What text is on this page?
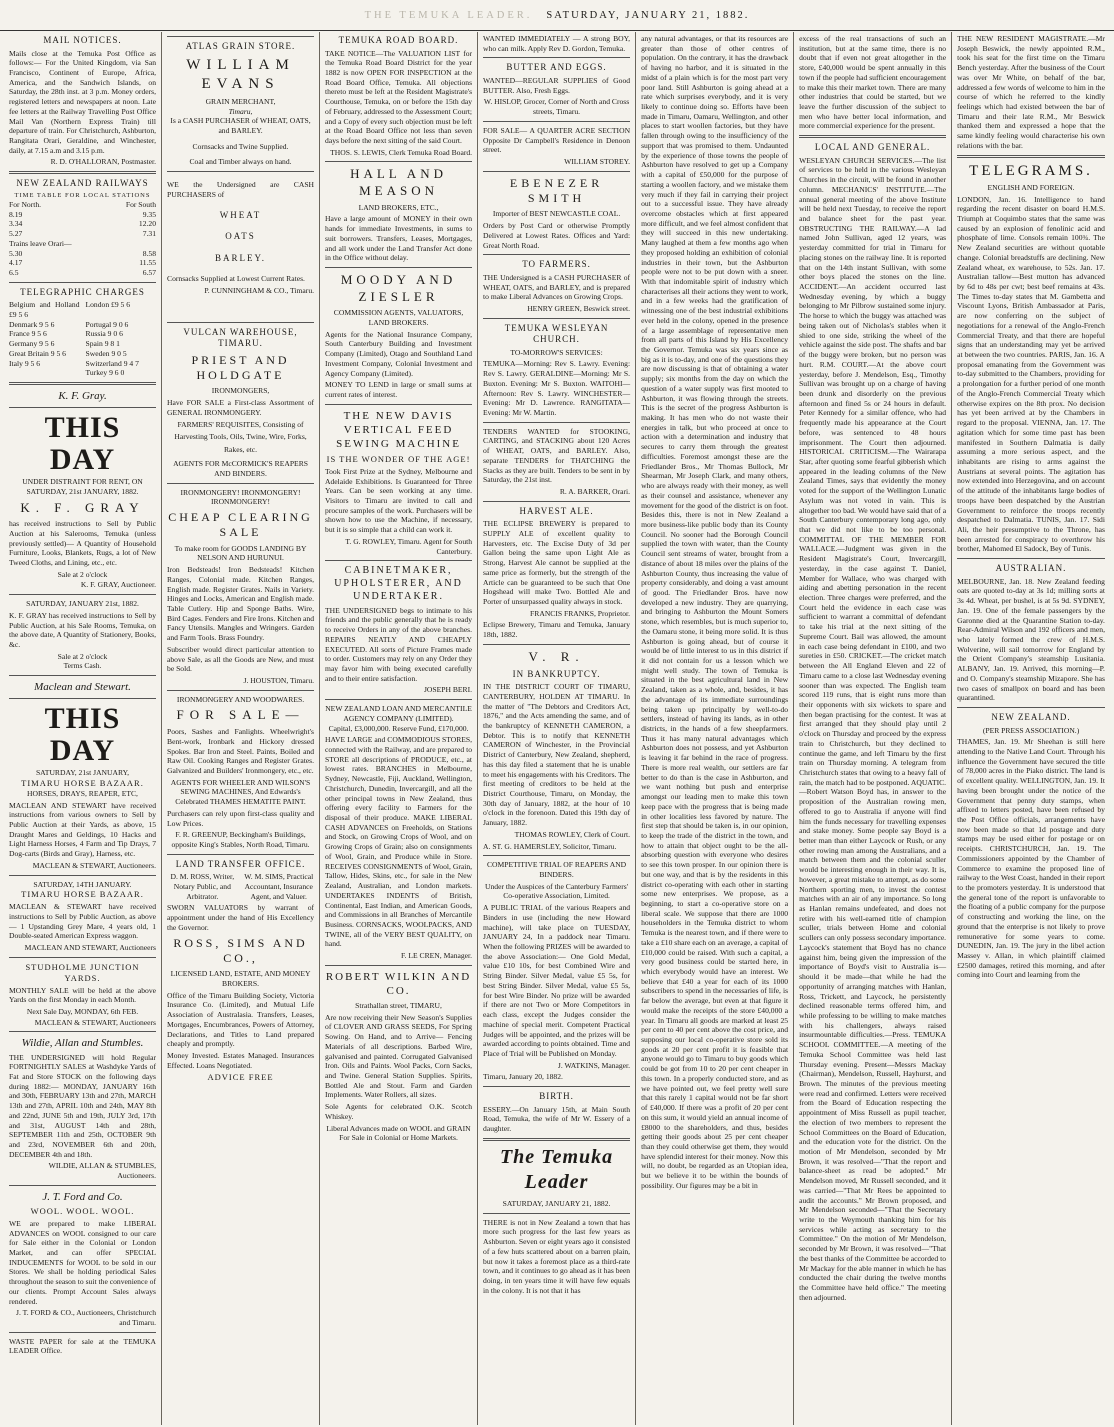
THE TEMUKA LEADER. SATURDAY, JANUARY 21, 1882.
MAIL NOTICES.

Mails close at the Temuka Post Office as follows:— For the United Kingdom, via San Francisco, Continent of Europe, Africa, America, and the Sandwich Islands, on Saturday, the 28th inst. at 3 p.m. Money orders, registered letters and newspapers at noon. Late fee letters at the Railway Travelling Post Office Mail Van (Northern Express Train) till departure of train. For Christchurch, Ashburton, Rangitata Orari, Geraldine, and Winchester, daily, at 7.15 a.m and 3.15 p.m.

R. D. O'HALLORAN, Postmaster.

NEW ZEALAND RAILWAYS
TIME TABLE FOR LOCAL STATIONS
For North.	For South
8.19
3.34
5.27
9.35
12.20
7.31
Trains leave Orari—
5.30
4.17
6.5
8.58
11.55
6.57
TELEGRAPHIC CHARGES
Belgium and Holland £9 5 6
London £9 5 6
Denmark 9 5 6	Portugal 9 0 6
France 9 5 6	Russia 9 0 6
Germany 9 5 6	Spain 9 8 1
Great Britain 9 5 6	Sweden 9 0 5
Italy 9 5 6	Switzerland 9 4 7
Turkey 9 6 0
K. F. Gray.
THIS DAY
UNDER DISTRAINT FOR RENT, ON
SATURDAY, 21st JANUARY, 1882.
K. F. GRAY

has received instructions to Sell by Public Auction at his Salerooms, Temuka (unless previously settled)— A Quantity of Household Furniture, Looks, Blankets, Rugs, a lot of New Tweed Cloths, and Lining, etc., etc.

Sale at 2 o'clock

K. F. GRAY, Auctioneer.

SATURDAY, JANUARY 21st, 1882.

K. F. GRAY has received instructions to Sell by Public Auction, at his Sale Rooms, Temuka, on the above date, A Quantity of Stationery, Books, &c.

Sale at 2 o'clock
Terms Cash.
Maclean and Stewart.
THIS DAY
SATURDAY, 21st JANUARY,
TIMARU HORSE BAZAAR.
HORSES, DRAYS, REAPER, ETC,

MACLEAN AND STEWART have received instructions from various owners to Sell by Public Auction at their Yards, as above, 15 Draught Mares and Geldings, 10 Hacks and Light Harness Horses, 4 Farm and Tip Drays, 7 Dog-carts (Birds and Gray), Harness, etc.

MACLEAN & STEWART, Auctioneers.

SATURDAY, 14TH JANUARY.
TIMARU HORSE BAZAAR.

MACLEAN & STEWART have received instructions to Sell by Public Auction, as above— 1 Upstanding Grey Mare, 4 years old, 1 Double-seated American Express waggon.

MACLEAN AND STEWART, Auctioneers

STUDHOLME JUNCTION YARDS.

MONTHLY SALE will be held at the above Yards on the first Monday in each Month.

Next Sale Day, MONDAY, 6th FEB.

MACLEAN & STEWART, Auctioneers

Wildie, Allan and Stumbles.

THE UNDERSIGNED will hold Regular FORTNIGHTLY SALES at Washdyke Yards of Fat and Store STOCK on the following days during 1882:— MONDAY, JANUARY 16th and 30th, FEBRUARY 13th and 27th, MARCH 13th and 27th, APRIL 10th and 24th, MAY 8th and 22nd, JUNE 5th and 19th, JULY 3rd, 17th and 31st, AUGUST 14th and 28th, SEPTEMBER 11th and 25th, OCTOBER 9th and 23rd, NOVEMBER 6th and 20th, DECEMBER 4th and 18th.

WILDIE, ALLAN & STUMBLES, Auctioneers.

J. T. Ford and Co.
WOOL. WOOL. WOOL.

WE are prepared to make LIBERAL ADVANCES on WOOL consigned to our care for Sale either in the Colonial or London Market, and can offer SPECIAL INDUCEMENTS for WOOL to be sold in our Stores. We shall be holding periodical Sales throughout the season to suit the convenience of our clients. Prompt Account Sales always rendered.

J. T. FORD & CO., Auctioneers, Christchurch and Timaru.

WASTE PAPER for sale at the TEMUKA LEADER Office.

ATLAS GRAIN STORE.
WILLIAM EVANS
GRAIN MERCHANT,
Timaru,
Is a CASH PURCHASER of WHEAT, OATS, and BARLEY.
Cornsacks and Twine Supplied.
Coal and Timber always on hand.

WE the Undersigned are CASH PURCHASERS of

WHEAT
OATS
BARLEY.

Cornsacks Supplied at Lowest Current Rates.

P. CUNNINGHAM & CO., Timaru.

VULCAN WAREHOUSE, TIMARU.
PRIEST AND HOLDGATE
IRONMONGERS,

Have FOR SALE a First-class Assortment of GENERAL IRONMONGERY.

FARMERS' REQUISITES, Consisting of

Harvesting Tools, Oils, Twine, Wire, Forks, Rakes, etc.

AGENTS FOR McCORMICK'S REAPERS AND BINDERS.
IRONMONGERY! IRONMONGERY! IRONMONGERY!
CHEAP CLEARING SALE
To make room for GOODS LANDING BY NELSON AND HURUNUI.

Iron Bedsteads! Iron Bedsteads! Kitchen Ranges, Colonial made. Kitchen Ranges, English made. Register Grates. Nails in Variety. Hinges and Locks, American and English made. Table Cutlery. Hip and Sponge Baths. Wire, Bird Cages. Fenders and Fire Irons. Kitchen and Fancy Utensils. Mangles and Wringers. Garden and Farm Tools. Brass Foundry.

Subscriber would direct particular attention to above Sale, as all the Goods are New, and must be Sold.

J. HOUSTON, Timaru.

IRONMONGERY AND WOODWARES.
FOR SALE—

Poors, Sashes and Fanlights. Wheelwright's Bent-work, Ironbark and Hickory dressed Spokes. Bar Iron and Steel. Paints, Boiled and Raw Oil. Cooking Ranges and Register Grates. Galvanized and Builders' Ironmongery, etc., etc.

AGENTS FOR WHEELER AND WILSON'S SEWING MACHINES, And Edwards's Celebrated THAMES HEMATITE PAINT.

Purchasers can rely upon first-class quality and Low Prices.

F. R. GREENUP, Beckingham's Buildings, opposite King's Stables, North Road, Timaru.

LAND TRANSFER OFFICE.
D. M. ROSS, Writer, Notary Public, and Arbitrator.
W. M. SIMS, Practical Accountant, Insurance Agent, and Valuer.

SWORN VALUATORS by warrant of appointment under the hand of His Excellency the Governor.

ROSS, SIMS AND CO.,
LICENSED LAND, ESTATE, AND MONEY BROKERS.

Office of the Timaru Building Society, Victoria Insurance Co. (Limited), and Mutual Life Association of Australasia. Transfers, Leases, Mortgages, Encumbrances, Powers of Attorney, Declarations, and Titles to Land prepared cheaply and promptly.

Money Invested. Estates Managed. Insurances Effected. Loans Negotiated.

ADVICE FREE
TEMUKA ROAD BOARD.

TAKE NOTICE—The VALUATION LIST for the Temuka Road Board District for the year 1882 is now OPEN FOR INSPECTION at the Road Board Office, Temuka. All objections thereto must be left at the Resident Magistrate's Courthouse, Temuka, on or before the 15th day of February, addressed to the Assessment Court; and a Copy of every such objection must be left at the Road Board Office not less than seven days before the next sitting of the said Court.

THOS. S. LEWIS, Clerk Temuka Road Board.

HALL AND MEASON
LAND BROKERS, ETC.,

Have a large amount of MONEY in their own hands for immediate Investments, in sums to suit borrowers. Transfers, Leases, Mortgages, and all work under the Land Transfer Act done in the Office without delay.

MOODY AND ZIESLER
COMMISSION AGENTS, VALUATORS, LAND BROKERS.

Agents for the National Insurance Company, South Canterbury Building and Investment Company (Limited), Otago and Southland Land Investment Company, Colonial Investment and Agency Company (Limited).

MONEY TO LEND in large or small sums at current rates of interest.

THE NEW DAVIS VERTICAL FEED SEWING MACHINE
IS THE WONDER OF THE AGE!

Took First Prize at the Sydney, Melbourne and Adelaide Exhibitions. Is Guaranteed for Three Years. Can be seen working at any time. Visitors to Timaru are invited to call and procure samples of the work. Purchasers will be shown how to use the Machine, if necessary, but it is so simple that a child can work it.

T. G. ROWLEY, Timaru. Agent for South Canterbury.

CABINETMAKER, UPHOLSTERER, AND UNDERTAKER.

THE UNDERSIGNED begs to intimate to his friends and the public generally that he is ready to receive Orders in any of the above branches. REPAIRS NEATLY AND CHEAPLY EXECUTED. All sorts of Picture Frames made to order. Customers may rely on any Order they may favor him with being executed carefully and to their entire satisfaction.

JOSEPH BERI.

NEW ZEALAND LOAN AND MERCANTILE AGENCY COMPANY (LIMITED).
Capital, £3,000,000. Reserve Fund, £170,000.

HAVE LARGE and COMMODIOUS STORES, connected with the Railway, and are prepared to STORE all descriptions of PRODUCE, etc., at lowest rates. BRANCHES in Melbourne, Sydney, Newcastle, Fiji, Auckland, Wellington, Christchurch, Dunedin, Invercargill, and all the other principal towns in New Zealand, thus offering every facility to Farmers for the disposal of their produce. MAKE LIBERAL CASH ADVANCES on Freeholds, on Stations and Stock, on Growing Crops of Wool, and on Growing Crops of Grain; also on consignments of Wool, Grain, and Produce while in Store. RECEIVES CONSIGNMENTS of Wool, Grain, Tallow, Hides, Skins, etc., for sale in the New Zealand, Australian, and London markets. UNDERTAKES INDENTS of British, Continental, East Indian, and American Goods, and Commissions in all Branches of Mercantile Business. CORNSACKS, WOOLPACKS, AND TWINE, all of the VERY BEST QUALITY, on hand.

F. LE CREN, Manager.

ROBERT WILKIN AND CO.
Strathallan street, TIMARU,

Are now receiving their New Season's Supplies of CLOVER AND GRASS SEEDS, For Spring Sowing. On Hand, and to Arrive— Fencing Materials of all descriptions. Barbed Wire, galvanised and painted. Corrugated Galvanised Iron. Oils and Paints. Wool Packs, Corn Sacks, and Twine. General Station Supplies. Spirits, Bottled Ale and Stout. Farm and Garden Implements. Water Rollers, all sizes.

Sole Agents for celebrated O.K. Scotch Whiskey.

Liberal Advances made on WOOL and GRAIN For Sale in Colonial or Home Markets.

WANTED IMMEDIATELY — A strong BOY, who can milk. Apply Rev D. Gordon, Temuka.

BUTTER AND EGGS.

WANTED—REGULAR SUPPLIES of Good BUTTER. Also, Fresh Eggs.

W. HISLOP, Grocer, Corner of North and Cross streets, Timaru.

FOR SALE— A QUARTER ACRE SECTION Opposite Dr Campbell's Residence in Denoon street.

WILLIAM STOREY.

EBENEZER SMITH
Importer of BEST NEWCASTLE COAL.

Orders by Post Card or otherwise Promptly Delivered at Lowest Rates. Offices and Yard: Great North Road.

TO FARMERS.

THE Undersigned is a CASH PURCHASER of WHEAT, OATS, and BARLEY, and is prepared to make Liberal Advances on Growing Crops.

HENRY GREEN, Beswick street.

TEMUKA WESLEYAN CHURCH.
TO-MORROW'S SERVICES:

TEMUKA—Morning: Rev S. Lawry. Evening: Rev S. Lawry. GERALDINE—Morning: Mr S. Buxton. Evening: Mr S. Buxton. WAITOHI—Afternoon: Rev S. Lawry. WINCHESTER—Evening: Mr D. Lawrence. RANGITATA—Evening: Mr W. Martin.

TENDERS WANTED for STOOKING, CARTING, and STACKING about 120 Acres of WHEAT, OATS, and BARLEY. Also, separate TENDERS for THATCHING the Stacks as they are built. Tenders to be sent in by Saturday, the 21st inst.

R. A. BARKER, Orari.

HARVEST ALE.

THE ECLIPSE BREWERY is prepared to SUPPLY ALE of excellent quality to Harvesters, etc. The Excise Duty of 3d per Gallon being the same upon Light Ale as Strong, Harvest Ale cannot be supplied at the same price as formerly, but the strength of the Article can be guaranteed to be such that One Hogshead will make Two. Bottled Ale and Porter of unsurpassed quality always in stock.

FRANCIS FRANKS, Proprietor.

Eclipse Brewery, Timaru and Temuka, January 18th, 1882.

V. R.
IN BANKRUPTCY.

IN THE DISTRICT COURT OF TIMARU, CANTERBURY, HOLDEN AT TIMARU. In the matter of "The Debtors and Creditors Act, 1876," and the Acts amending the same, and of the bankruptcy of KENNETH CAMERON, a Debtor. This is to notify that KENNETH CAMERON of Winchester, in the Provincial District of Canterbury, New Zealand, shepherd, has this day filed a statement that he is unable to meet his engagements with his Creditors. The first meeting of creditors to be held at the District Courthouse, Timaru, on Monday, the 30th day of January, 1882, at the hour of 10 o'clock in the forenoon. Dated this 19th day of January, 1882.

THOMAS ROWLEY, Clerk of Court.

A. ST. G. HAMERSLEY, Solicitor, Timaru.

COMPETITIVE TRIAL OF REAPERS AND BINDERS.

Under the Auspices of the Canterbury Farmers' Co-operative Association, Limited.

A PUBLIC TRIAL of the various Reapers and Binders in use (including the new Howard machine), will take place on TUESDAY, JANUARY 24, In a paddock near Timaru. When the following PRIZES will be awarded to the above Association:— One Gold Medal, value £10 10s, for best Combined Wire and String Binder. Silver Medal, value £5 5s, for best String Binder. Silver Medal, value £5 5s, for best Wire Binder. No prize will be awarded if there are not Two or More Competitors in each class, except the Judges consider the machine of special merit. Competent Practical Judges will be appointed, and the prizes will be awarded according to points obtained. Time and Place of Trial will be Published on Monday.

J. WATKINS, Manager.

Timaru, January 20, 1882.

BIRTH.

ESSERY.—On January 15th, at Main South Road, Temuka, the wife of Mr W. Essery of a daughter.

The Temuka Leader
SATURDAY, JANUARY 21, 1882.

THERE is not in New Zealand a town that has more such progress for the last few years as Ashburton. Seven or eight years ago it consisted of a few huts scattered about on a barren plain, but now it takes a foremost place as a third-rate town, and it continues to go ahead as it has been doing, in ten years time it will have few equals in the colony. It is not that it has

any natural advantages, or that its resources are greater than those of other centres of population. On the contrary, it has the drawback of having no harbor, and it is situated in the midst of a plain which is for the most part very poor land. Still Ashburton is going ahead at a rate which surprises everybody, and it is very likely to continue doing so. Efforts have been made in Timaru, Oamaru, Wellington, and other places to start woollen factories, but they have fallen through owing to the insufficiency of the support that was promised to them. Undaunted by the experience of those towns the people of Ashburton have resolved to get up a Company with a capital of £50,000 for the purpose of starting a woollen factory, and we mistake them very much if they fail in carrying their project out to a successful issue. They have already overcome obstacles which at first appeared more difficult, and we feel almost confident that they will succeed in this new undertaking. Many laughed at them a few months ago when they proposed holding an exhibition of colonial industries in their town, but the Ashburton people were not to be put down with a sneer. With that indomitable spirit of industry which characterises all their actions they went to work, and in a few weeks had the gratification of witnessing one of the best industrial exhibitions ever held in the colony, opened in the presence of a large assemblage of representative men from all parts of this Island by His Excellency the Governor. Temuka was six years since as big as it is to-day, and one of the questions they are now discussing is that of obtaining a water supply; six months from the day on which the question of a water supply was first mooted to Ashburton, it was flowing through the streets. This is the secret of the progress Ashburton is making. It has men who do not waste their energies in talk, but who proceed at once to action with a determination and industry that secures to carry them through the greatest difficulties. Foremost amongst these are the Friedlander Bros., Mr Thomas Bullock, Mr Shearman, Mr Joseph Clark, and many others, who are always ready with their money, as well as their counsel and assistance, whenever any movement for the good of the district is on foot. Besides this, there is not in New Zealand a more business-like public body than its County Council. No sooner had the Borough Council supplied the town with water, than the County Council sent streams of water, brought from a distance of about 18 miles over the plains of the Ashburton County, thus increasing the value of property considerably, and doing a vast amount of good. The Friedlander Bros. have now developed a new industry. They are quarrying, and bringing to Ashburton the Mount Somers stone, which resembles, but is much superior to, the Oamaru stone, it being more solid. It is thus Ashburton is going ahead, but of course it would be of little interest to us in this district if it did not contain for us a lesson which we might well study. The town of Temuka is situated in the best agricultural land in New Zealand, taken as a whole, and, besides, it has the advantage of its immediate surroundings being taken up principally by well-to-do settlers, instead of having its lands, as in other districts, in the hands of a few sheepfarmers. Thus it has many natural advantages which Ashburton does not possess, and yet Ashburton is leaving it far behind in the race of progress. There is more real wealth, our settlers are far better to do than is the case in Ashburton, and we want nothing but push and enterprise amongst our leading men to make this town keep pace with the progress that is being made in other localities less favored by nature. The first step that should be taken is, in our opinion, to keep the trade of the district in the town, and how to attain that object ought to be the all-absorbing question with everyone who desires to see this town prosper. In our opinion there is but one way, and that is by the residents in this district co-operating with each other in starting some new enterprises. We propose, as a beginning, to start a co-operative store on a liberal scale. We suppose that there are 1000 householders in the Temuka district to whom Temuka is the nearest town, and if there were to take a £10 share each on an average, a capital of £10,000 could be raised. With such a capital, a very good business could be started here, in which everybody would have an interest. We believe that £40 a year for each of its 1000 subscribers to spend in the necessaries of life, is far below the average, but even at that figure it would make the receipts of the store £40,000 a year. In Timaru all goods are marked at least 25 per cent to 40 per cent above the cost price, and supposing our local co-operative store sold its goods at 20 per cent profit it is feasible that anyone would go to Timaru to buy goods which could be got from 10 to 20 per cent cheaper in this town. In a properly conducted store, and as we have pointed out, we feel pretty well sure that this rarely 1 capital would not be far short of £40,000. If there was a profit of 20 per cent on this sum, it would yield an annual income of £8000 to the shareholders, and thus, besides getting their goods about 25 per cent cheaper than they could otherwise get them, they would have splendid interest for their money. Now this will, no doubt, be regarded as an Utopian idea, but we believe it to be within the bounds of possibility. Our figures may be a bit in

excess of the real transactions of such an institution, but at the same time, there is no doubt that if even not great altogether in the store, £40,000 would be spent annually in this town if the people had sufficient encouragement to make this their market town. There are many other industries that could be started, but we leave the further discussion of the subject to men who have better local information, and more commercial experience for the present.

LOCAL AND GENERAL.

WESLEYAN CHURCH SERVICES.—The list of services to be held in the various Wesleyan Churches in the circuit, will be found in another column. MECHANICS' INSTITUTE.—The annual general meeting of the above Institute will be held next Tuesday, to receive the report and balance sheet for the past year. OBSTRUCTING THE RAILWAY.—A lad named John Sullivan, aged 12 years, was yesterday committed for trial in Timaru for placing stones on the railway line. It is reported that on the 14th instant Sullivan, with some other boys placed the stones on the line. ACCIDENT.—An accident occurred last Wednesday evening, by which a buggy belonging to Mr Pilbrow sustained some injury. The horse to which the buggy was attached was being taken out of Nicholas's stables when it shied to one side, striking the wheel of the vehicle against the side post. The shafts and bar of the buggy were broken, but no person was hurt. R.M. COURT.—At the above court yesterday, before J. Mendelson, Esq., Timothy Sullivan was brought up on a charge of having been drunk and disorderly on the previous afternoon and fined 5s or 24 hours in default. Peter Kennedy for a similar offence, who had frequently made his appearance at the Court before, was sentenced to 48 hours imprisonment. The Court then adjourned. HISTORICAL CRITICISM.—The Wairarapa Star, after quoting some fearful gibberish which appeared in the leading columns of the New Zealand Times, says that evidently the money voted for the support of the Wellington Lunatic Asylum was not voted in vain. This is altogether too bad. We would have said that of a South Canterbury contemporary long ago, only that we did not like to be too personal. COMMITTAL OF THE MEMBER FOR WALLACE.—Judgment was given in the Resident Magistrate's Court, Invercargill, yesterday, in the case against T. Daniel, Member for Wallace, who was charged with aiding and abetting personation in the recent election. Three charges were preferred, and the Court held the evidence in each case was sufficient to warrant a committal of defendant to take his trial at the next sitting of the Supreme Court. Bail was allowed, the amount in each case being defendant in £100, and two sureties in £50. CRICKET.—The cricket match between the All England Eleven and 22 of Timaru came to a close last Wednesday evening sooner than was expected. The English team scored 119 runs, that is eight runs more than their opponents with six wickets to spare and then began practising for the contest. It was at first arranged that they should play until 2 o'clock on Thursday and proceed by the express train to Christchurch, but they declined to continue the game, and left Timaru by the first train on Thursday morning. A telegram from Christchurch states that owing to a heavy fall of rain, the match had to be postponed. AQUATIC.—Robert Watson Boyd has, in answer to the proposition of the Australian rowing men, offered to go to Australia if anyone will find him the funds necessary for travelling expenses and stake money. Some people say Boyd is a better man than either Laycock or Rush, or any other rowing man among the Australians, and a match between them and the colonial sculler would be interesting enough in their way. It is, however, a great mistake to attempt, as do some Northern sporting men, to invest the contest matches with an air of any importance. So long as Hanlan remains undefeated, and does not retire with his well-earned title of champion sculler, trials between Home and colonial scullers can only possess secondary importance. Laycock's statement that Boyd has no chance against him, being given the impression of the importance of Boyd's visit to Australia is—should it be made—that while he had the opportunity of arranging matches with Hanlan, Ross, Trickett, and Laycock, he persistently declined reasonable terms offered him, and while professing to be willing to make matches with his challengers, always raised insurmountable difficulties.—Press. TEMUKA SCHOOL COMMITTEE.—A meeting of the Temuka School Committee was held last Thursday evening. Present—Messrs Mackay (Chairman), Mendelson, Russell, Hayhurst, and Brown. The minutes of the previous meeting were read and confirmed. Letters were received from the Board of Education respecting the appointment of Miss Russell as pupil teacher, the election of two members to represent the School Committees on the Board of Education, and the education vote for the district. On the motion of Mr Mendelson, seconded by Mr Brown, it was resolved—"That the report and balance-sheet as read be adopted." Mr Mendelson moved, Mr Russell seconded, and it was carried—"That Mr Rees be appointed to audit the accounts." Mr Brown proposed, and Mr Mendelson seconded—"That the Secretary write to the Weymouth thanking him for his services while acting as secretary to the Committee." On the motion of Mr Mendelson, seconded by Mr Brown, it was resolved—"That the best thanks of the Committee be accorded to Mr Mackay for the able manner in which he has conducted the chair during the twelve months the Committee have held office." The meeting then adjourned.

THE NEW RESIDENT MAGISTRATE.—Mr Joseph Beswick, the newly appointed R.M., took his seat for the first time on the Timaru Bench yesterday. After the business of the Court was over Mr White, on behalf of the bar, addressed a few words of welcome to him in the course of which he referred to the kindly feelings which had existed between the bar of Timaru and their late R.M., Mr Beswick thanked them and expressed a hope that the same kindly feeling would characterise his own relations with the bar.

TELEGRAMS.
ENGLISH AND FOREIGN.

LONDON, Jan. 16. Intelligence to hand regarding the recent disaster on board H.M.S. Triumph at Coquimbo states that the same was caused by an explosion of fenolinic acid and phosphate of lime. Consols remain 100¾. The New Zealand securities are without quotable change. Colonial breadstuffs are declining. New Zealand wheat, ex warehouse, to 52s. Jan. 17. Australian tallow—Best mutton has advanced by 6d to 48s per cwt; best beef remains at 43s. The Times to-day states that M. Gambetta and Viscount Lyons, British Ambassador at Paris, are now conferring on the subject of negotiations for a renewal of the Anglo-French Commercial Treaty, and that there are hopeful signs that an understanding may yet be arrived at between the two countries. PARIS, Jan. 16. A proposal emanating from the Government was to-day submitted to the Chambers, providing for a prolongation for a further period of one month of the Anglo-French Commercial Treaty which otherwise expires on the 8th prox. No decision has yet been arrived at by the Chambers in regard to the proposal. VIENNA, Jan. 17. The agitation which for some time past has been manifested in Southern Dalmatia is daily assuming a more serious aspect, and the inhabitants are rising to arms against the Austrians at several points. The agitation has now extended into Herzegovina, and on account of the attitude of the inhabitants large bodies of troops have been despatched by the Austrian Government to reinforce the troops recently despatched to Dalmatia. TUNIS, Jan. 17. Sidi Ali, the heir presumptive to the Throne, has been arrested for conspiracy to overthrow his brother, Mahomed El Sadock, Bey of Tunis.

AUSTRALIAN.

MELBOURNE, Jan. 18. New Zealand feeding oats are quoted to-day at 3s 1d; milling sorts at 3s 4d. Wheat, per bushel, is at 5s 9d. SYDNEY, Jan. 19. One of the female passengers by the Garonne died at the Quarantine Station to-day. Rear-Admiral Wilson and 192 officers and men, who lately formed the crew of H.M.S. Wolverine, will sail tomorrow for England by the Orient Company's steamship Lusitania. ALBANY, Jan. 19. Arrived, this morning—P. and O. Company's steamship Mizapore. She has two cases of smallpox on board and has been quarantined.

NEW ZEALAND.
(PER PRESS ASSOCIATION.)

THAMES, Jan. 19. Mr Sheehan is still here attending to the Native Land Court. Through his influence the Government have secured the title of 78,000 acres in the Piako district. The land is of excellent quality. WELLINGTON, Jan. 19. It having been brought under the notice of the Government that penny duty stamps, when affixed to letters posted, have been refused by the Post Office officials, arrangements have now been made so that 1d postage and duty stamps may be used either for postage or on receipts. CHRISTCHURCH, Jan. 19. The Commissioners appointed by the Chamber of Commerce to examine the proposed line of railway to the West Coast, handed in their report to the promoters yesterday. It is understood that the general tone of the report is unfavorable to the floating of a public company for the purpose of constructing and working the line, on the ground that the enterprise is not likely to prove remunerative for some years to come. DUNEDIN, Jan. 19. The jury in the libel action Massey v. Allan, in which plaintiff claimed £2500 damages, retired this morning, and after coming into Court and learning from the
